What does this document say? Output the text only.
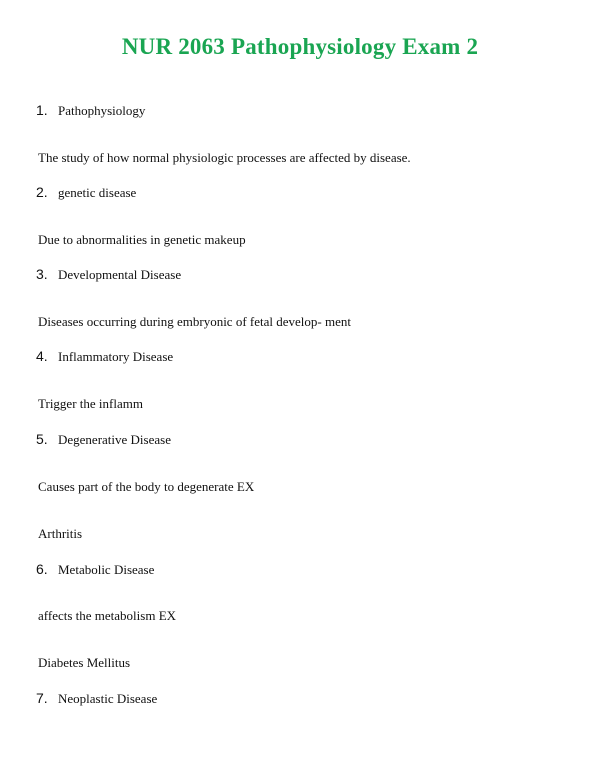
NUR 2063 Pathophysiology Exam 2
1. Pathophysiology
The study of how normal physiologic processes are affected by disease.
2. genetic disease
Due to abnormalities in genetic makeup
3. Developmental Disease
Diseases occurring during embryonic of fetal develop- ment
4. Inflammatory Disease
Trigger the inflamm
5. Degenerative Disease
Causes part of the body to degenerate EX
Arthritis
6. Metabolic Disease
affects the metabolism EX
Diabetes Mellitus
7. Neoplastic Disease
